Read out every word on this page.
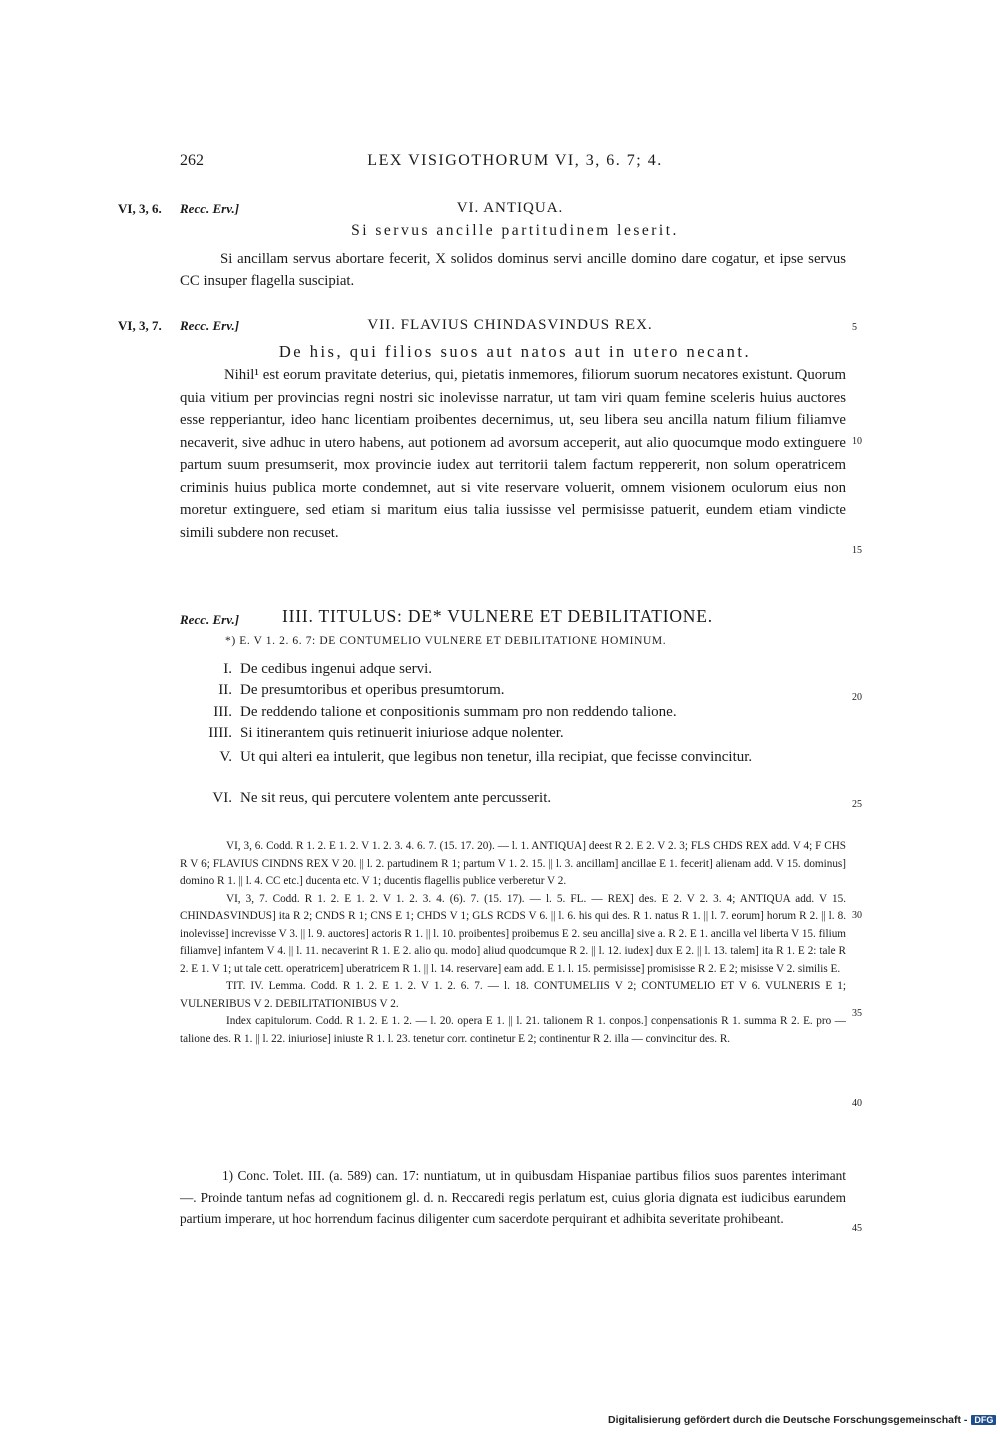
262	LEX VISIGOTHORUM VI, 3, 6. 7; 4.
VI, 3, 6. Recc. Erv.]	VI. ANTIQUA.
Si servus ancille partitudinem leserit.
Si ancillam servus abortare fecerit, X solidos dominus servi ancille domino dare cogatur, et ipse servus CC insuper flagella suscipiat.
VI, 3, 7. Recc. Erv.]	VII. FLAVIUS CHINDASVINDUS REX.
De his, qui filios suos aut natos aut in utero necant.
Nihil¹ est eorum pravitate deterius, qui, pietatis inmemores, filiorum suorum necatores existunt. Quorum quia vitium per provincias regni nostri sic inolevisse narratur, ut tam viri quam femine sceleris huius auctores esse repperiantur, ideo hanc licentiam proibentes decernimus, ut, seu libera seu ancilla natum filium filiamve necaverit, sive adhuc in utero habens, aut potionem ad avorsum acceperit, aut alio quocumque modo extinguere partum suum presumserit, mox provincie iudex aut territorii talem factum reppererit, non solum operatricem criminis huius publica morte condemnet, aut si vite reservare voluerit, omnem visionem oculorum eius non moretur extinguere, sed etiam si maritum eius talia iussisse vel permisisse patuerit, eundem etiam vindicte simili subdere non recuset.
5
10
15
20
25
30
35
40
45
Recc. Erv.] IIII. TITULUS: DE* VULNERE ET DEBILITATIONE.
*) E. V 1. 2. 6. 7: DE CONTUMELIO VULNERE ET DEBILITATIONE HOMINUM.
I. De cedibus ingenui adque servi.
II. De presumtoribus et operibus presumtorum.
III. De reddendo talione et conpositionis summam pro non reddendo talione.
IIII. Si itinerantem quis retinuerit iniuriose adque nolenter.
V. Ut qui alteri ea intulerit, que legibus non tenetur, illa recipiat, que fecisse convincitur.
VI. Ne sit reus, qui percutere volentem ante percusserit.

VI, 3, 6. Codd. R 1. 2. E 1. 2. V 1. 2. 3. 4. 6. 7. (15. 17. 20). — l. 1. ANTIQUA] deest R 2. E 2. V 2. 3; FLS CHDS REX add. V 4; F CHS R V 6; FLAVIUS CINDNS REX V 20. || l. 2. partudinem R 1; partum V 1. 2. 15. || l. 3. ancillam] ancillae E 1. fecerit] alienam add. V 15. dominus] domino R 1. || l. 4. CC etc.] ducenta etc. V 1; ducentis flagellis publice verberetur V 2.

VI, 3, 7. Codd. R 1. 2. E 1. 2. V 1. 2. 3. 4. (6). 7. (15. 17). — l. 5. FL. — REX] des. E 2. V 2. 3. 4; ANTIQUA add. V 15. CHINDASVINDUS] ita R 2; CNDS R 1; CNS E 1; CHDS V 1; GLS RCDS V 6. || l. 6. his qui des. R 1. natus R 1. || l. 7. eorum] horum R 2. || l. 8. inolevisse] increvisse V 3. || l. 9. auctores] actoris R 1. || l. 10. proibentes] proibemus E 2. seu ancilla] sive a. R 2. E 1. ancilla vel liberta V 15. filium filiamve] infantem V 4. || l. 11. necaverint R 1. E 2. alio qu. modo] aliud quodcumque R 2. || l. 12. iudex] dux E 2. || l. 13. talem] ita R 1. E 2: tale R 2. E 1. V 1; ut tale cett. operatricem] uberatricem R 1. || l. 14. reservare] eam add. E 1. l. 15. permisisse] promisisse R 2. E 2; misisse V 2. similis E.

TIT. IV. Lemma. Codd. R 1. 2. E 1. 2. V 1. 2. 6. 7. — l. 18. CONTUMELIIS V 2; CONTUMELIO ET V 6. VULNERIS E 1; VULNERIBUS V 2. DEBILITATIONIBUS V 2.

Index capitulorum. Codd. R 1. 2. E 1. 2. — l. 20. opera E 1. || l. 21. talionem R 1. conpos.] conpensationis R 1. summa R 2. E. pro — talione des. R 1. || l. 22. iniuriose] iniuste R 1. l. 23. tenetur corr. continetur E 2; continentur R 2. illa — convincitur des. R.

1) Conc. Tolet. III. (a. 589) can. 17: nuntiatum, ut in quibusdam Hispaniae partibus filios suos parentes interimant —. Proinde tantum nefas ad cognitionem gl. d. n. Reccaredi regis perlatum est, cuius gloria dignata est iudicibus earundem partium imperare, ut hoc horrendum facinus diligenter cum sacerdote perquirant et adhibita severitate prohibeant.
Digitalisierung gefördert durch die Deutsche Forschungsgemeinschaft - DFG
